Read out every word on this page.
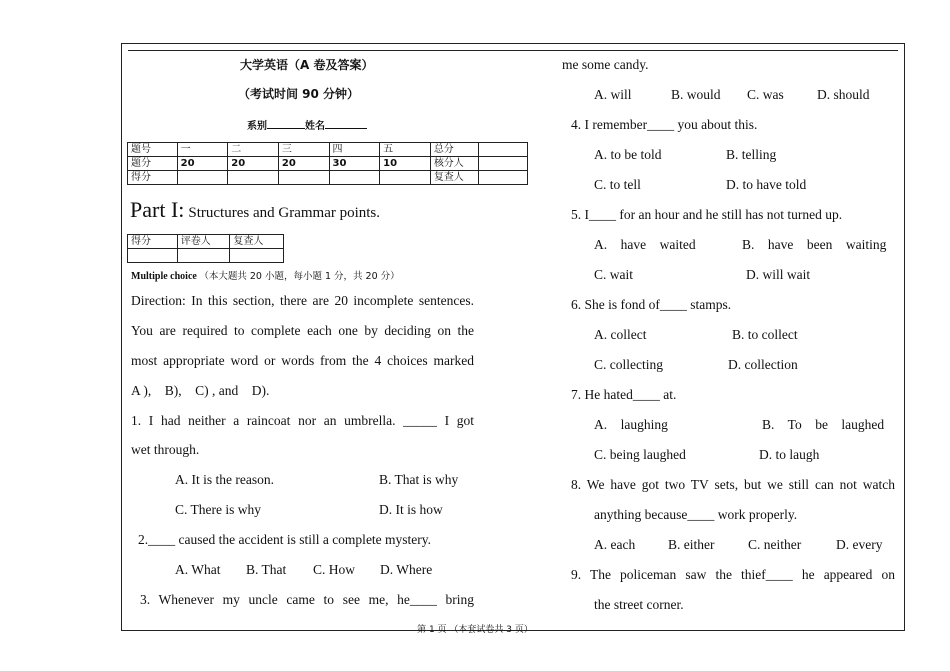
大学英语（A 卷及答案）
（考试时间 90 分钟）
系别	姓名
题号	一	二	三	四	五	总分	
题分	20	20	20	30	10	核分人	
得分						复查人	
Part I: Structures and Grammar points.
得分	评卷人	复查人

Multiple choice （本大题共 20 小题，每小题 1 分，共 20 分）
Direction: In this section, there are 20 incomplete sentences.
You are required to complete each one by deciding on the
most appropriate word or words from the 4 choices marked
A ),    B),    C) , and    D).
1. I had neither a raincoat nor an umbrella. _____ I got
wet through.
A. It is the reason.	B. That is why
C. There is why	D. It is how
2.____ caused the accident is still a complete mystery.
A. What B. That C. How D. Where
3. Whenever my uncle came to see me, he____ bring
me some candy.
A. will	B. would C. was D. should
4. I remember____ you about this.
A. to be told	B. telling
C. to tell	D. to have told
5. I____ for an hour and he still has not turned up.
A.    have    waited	B.    have    been    waiting
C. wait	D. will wait
6. She is fond of____ stamps.
A. collect	B. to collect
C. collecting	D. collection
7. He hated____ at.
A.    laughing	B.    To    be    laughed
C. being laughed	D. to laugh
8. We have got two TV sets, but we still can not watch
anything because____ work properly.
A. each B. either C. neither	D. every
9. The policeman saw the thief____ he appeared on
the street corner.
第 1 页 （本套试卷共 3 页）
